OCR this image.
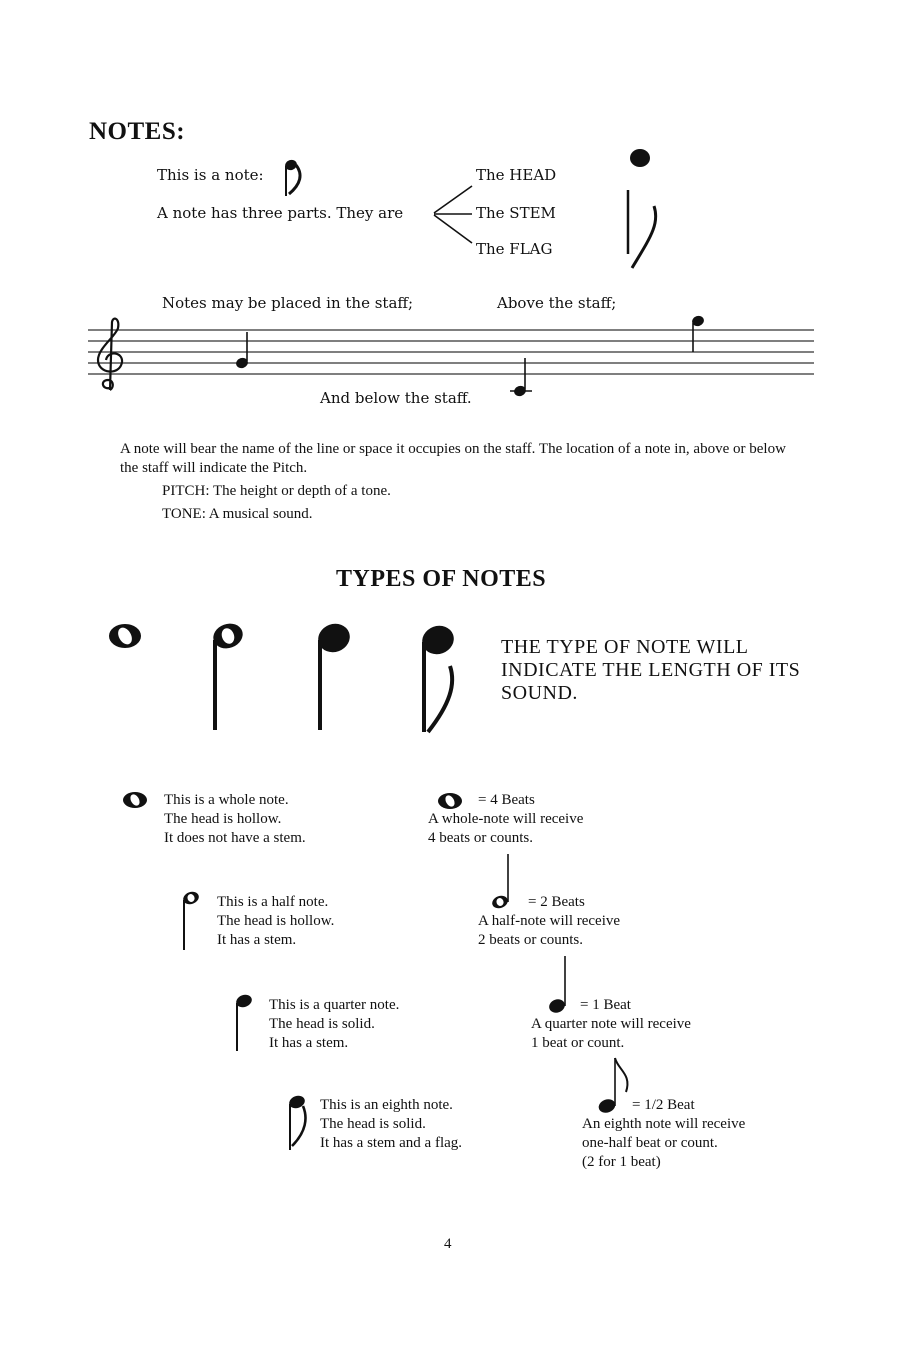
NOTES:
This is a note:
A note has three parts. They are
The HEAD
The STEM
The FLAG
Notes may be placed in the staff;	Above the staff;
And below the staff.
A note will bear the name of the line or space it occupies on the staff. The location of a note in, above or below the staff will indicate the Pitch.
PITCH: The height or depth of a tone.
TONE: A musical sound.
TYPES OF NOTES
THE TYPE OF NOTE WILL INDICATE THE LENGTH OF ITS SOUND.
This is a whole note.
The head is hollow.
It does not have a stem.
= 4 Beats
A whole-note will receive
4 beats or counts.
This is a half note.
The head is hollow.
It has a stem.
= 2 Beats
A half-note will receive
2 beats or counts.
This is a quarter note.
The head is solid.
It has a stem.
= 1 Beat
A quarter note will receive
1 beat or count.
This is an eighth note.
The head is solid.
It has a stem and a flag.
= 1/2 Beat
An eighth note will receive
one-half beat or count.
(2 for 1 beat)
4
